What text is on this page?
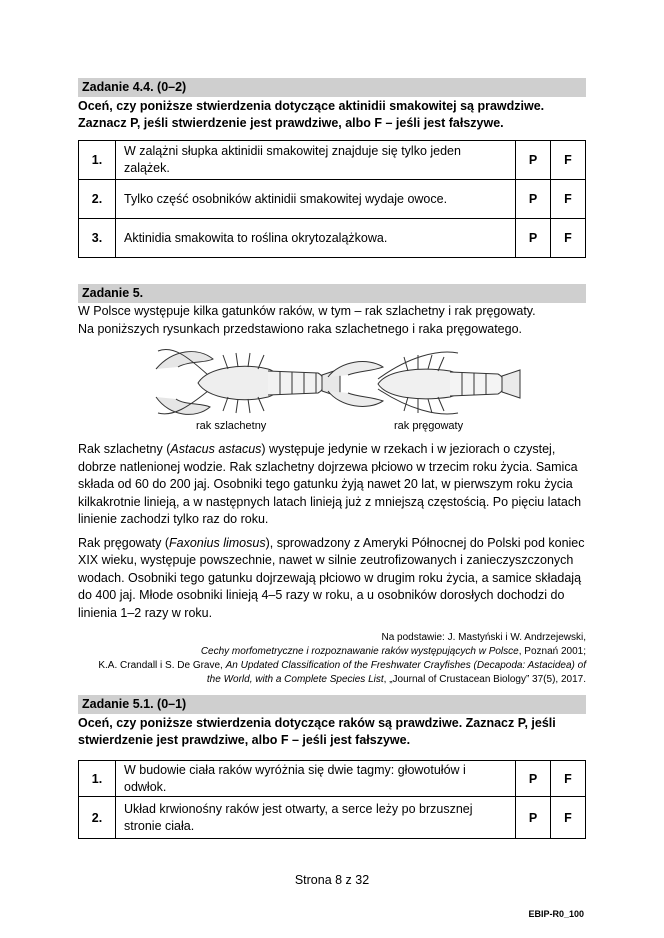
Zadanie 4.4. (0–2)

Oceń, czy poniższe stwierdzenia dotyczące aktinidii smakowitej są prawdziwe.

Zaznacz P, jeśli stwierdzenie jest prawdziwe, albo F – jeśli jest fałszywe.

1.	W zalążni słupka aktinidii smakowitej znajduje się tylko jeden zalążek.	P	F
2.	Tylko część osobników aktinidii smakowitej wydaje owoce.	P	F
3.	Aktinidia smakowita to roślina okrytozalążkowa.	P	F
Zadanie 5.

W Polsce występuje kilka gatunków raków, w tym – rak szlachetny i rak pręgowaty.

Na poniższych rysunkach przedstawiono raka szlachetnego i raka pręgowatego.

rak szlachetny	rak pręgowaty

Rak szlachetny (Astacus astacus) występuje jedynie w rzekach i w jeziorach o czystej, dobrze natlenionej wodzie. Rak szlachetny dojrzewa płciowo w trzecim roku życia. Samica składa od 60 do 200 jaj. Osobniki tego gatunku żyją nawet 20 lat, w pierwszym roku życia kilkakrotnie linieją, a w następnych latach linieją już z mniejszą częstością. Po pięciu latach linienie zachodzi tylko raz do roku.

Rak pręgowaty (Faxonius limosus), sprowadzony z Ameryki Północnej do Polski pod koniec XIX wieku, występuje powszechnie, nawet w silnie zeutrofizowanych i zanieczyszczonych wodach. Osobniki tego gatunku dojrzewają płciowo w drugim roku życia, a samice składają do 400 jaj. Młode osobniki linieją 4–5 razy w roku, a u osobników dorosłych dochodzi do linienia 1–2 razy w roku.

Na podstawie: J. Mastyński i W. Andrzejewski,

Cechy morfometryczne i rozpoznawanie raków występujących w Polsce, Poznań 2001;

K.A. Crandall i S. De Grave, An Updated Classification of the Freshwater Crayfishes (Decapoda: Astacidea) of

the World, with a Complete Species List, „Journal of Crustacean Biology” 37(5), 2017.

Zadanie 5.1. (0–1)

Oceń, czy poniższe stwierdzenia dotyczące raków są prawdziwe. Zaznacz P, jeśli

stwierdzenie jest prawdziwe, albo F – jeśli jest fałszywe.

1.	W budowie ciała raków wyróżnia się dwie tagmy: głowotułów i odwłok.	P	F
2.	Układ krwionośny raków jest otwarty, a serce leży po brzusznej stronie ciała.	P	F
Strona 8 z 32
EBIP-R0_100
